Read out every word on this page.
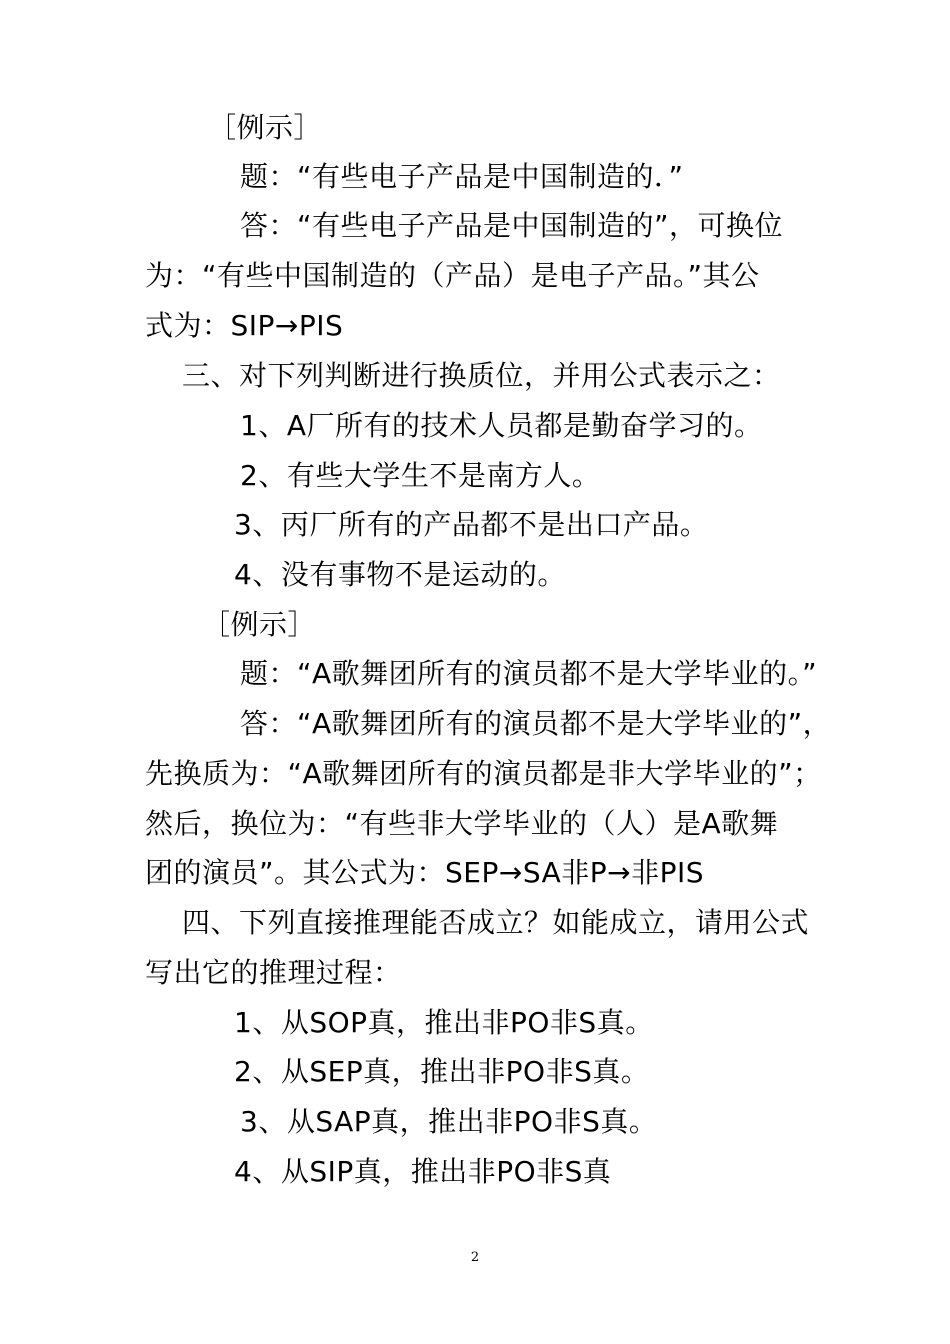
［例示］
题：“有些电子产品是中国制造的．”
答：“有些电子产品是中国制造的”，可换位
为：“有些中国制造的（产品）是电子产品。”其公
式为：SIP→PIS
三、对下列判断进行换质位，并用公式表示之：
1、A厂所有的技术人员都是勤奋学习的。
2、有些大学生不是南方人。
3、丙厂所有的产品都不是出口产品。
4、没有事物不是运动的。
［例示］
题：“A歌舞团所有的演员都不是大学毕业的。”
答：“A歌舞团所有的演员都不是大学毕业的”，
先换质为：“A歌舞团所有的演员都是非大学毕业的”；
然后，换位为：“有些非大学毕业的（人）是A歌舞
团的演员”。其公式为：SEP→SA非P→非PIS
四、下列直接推理能否成立？如能成立，请用公式
写出它的推理过程：
1、从SOP真，推出非PO非S真。
2、从SEP真，推出非PO非S真。
3、从SAP真，推出非PO非S真。
4、从SIP真，推出非PO非S真
2
